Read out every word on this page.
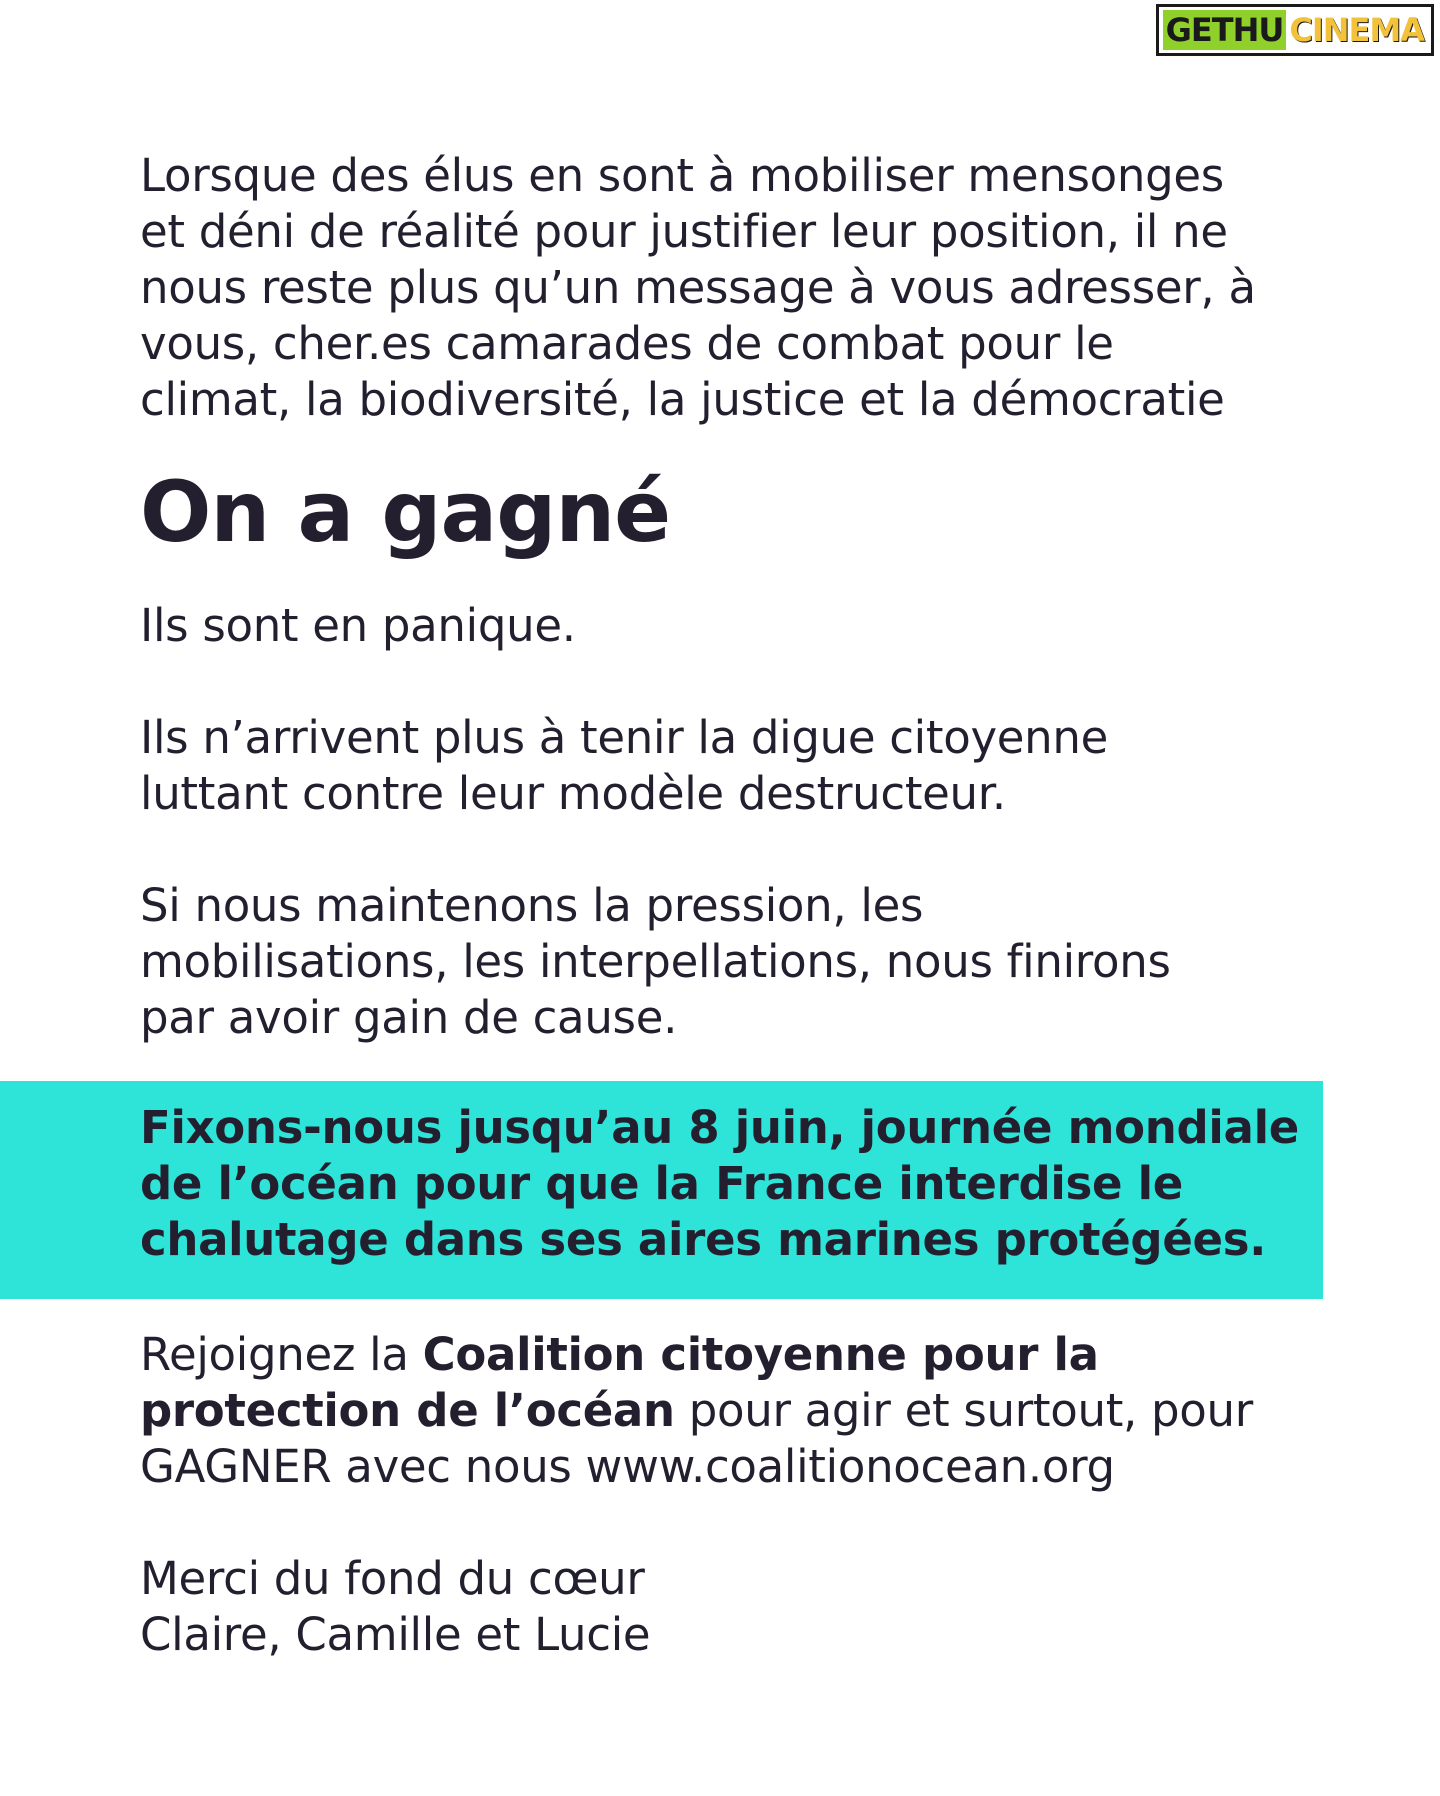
GETHU CINEMA

Fixons-nous jusqu’au 8 juin, journée mondiale
de l’océan pour que la France interdise le
chalutage dans ses aires marines protégées.

Lorsque des élus en sont à mobiliser mensonges
et déni de réalité pour justifier leur position, il ne
nous reste plus qu’un message à vous adresser, à
vous, cher.es camarades de combat pour le
climat, la biodiversité, la justice et la démocratie

On a gagné

Ils sont en panique.

Ils n’arrivent plus à tenir la digue citoyenne
luttant contre leur modèle destructeur.

Si nous maintenons la pression, les
mobilisations, les interpellations, nous finirons
par avoir gain de cause.

Rejoignez la Coalition citoyenne pour la
protection de l’océan pour agir et surtout, pour
GAGNER avec nous www.coalitionocean.org

Merci du fond du cœur
Claire, Camille et Lucie
